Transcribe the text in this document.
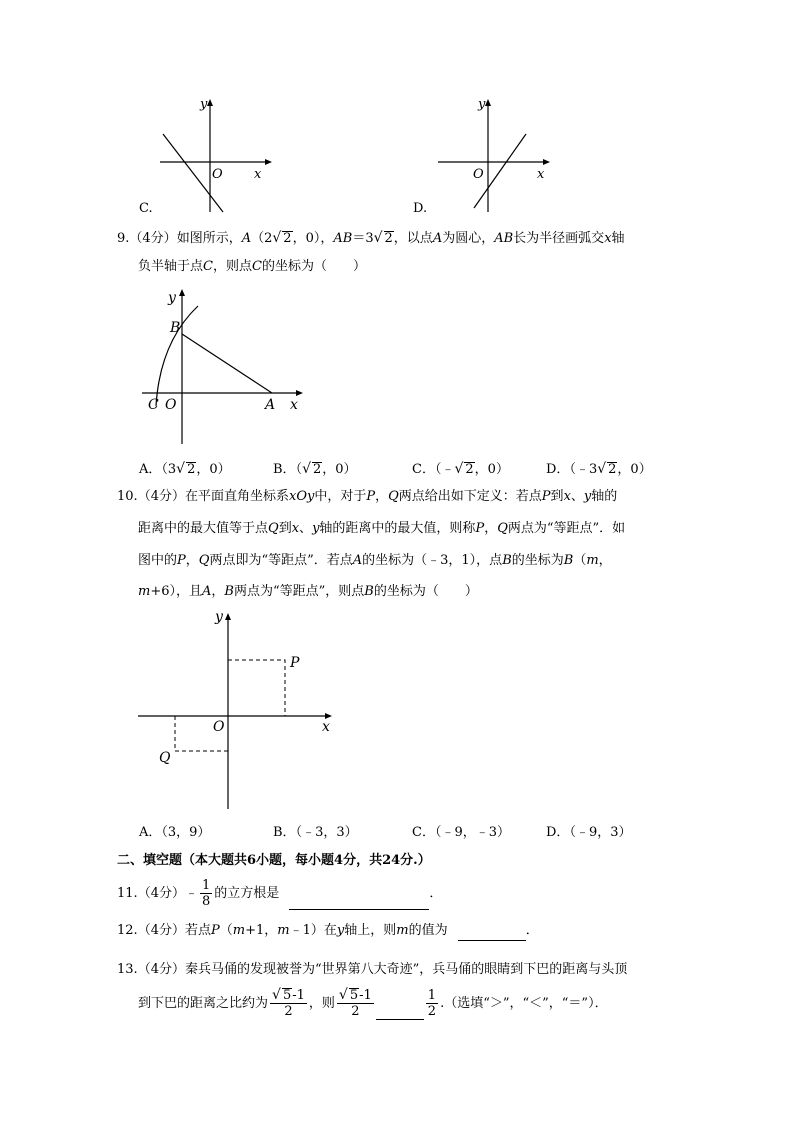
y
x
O
C.
y
x
O
D.
9.（4分）如图所示，A（2√ 2，0），AB＝3√ 2，以点A为圆心，AB长为半径画弧交x轴
负半轴于点C，则点C的坐标为（　　）
y
B
C O	A x
A．（3√ 2，0）	B．（√ 2，0）	C．（﹣√ 2，0）	D．（﹣3√ 2，0）
10.（4分）在平面直角坐标系xOy中，对于P，Q两点给出如下定义：若点P到x、y轴的
距离中的最大值等于点Q到x、y轴的距离中的最大值，则称P，Q两点为“等距点”．如
图中的P，Q两点即为“等距点”．若点A的坐标为（﹣3，1），点B的坐标为B（m，
m+6），且A，B两点为“等距点”，则点B的坐标为（　　）
y
P
O	x
Q
A．（3，9）	B．（﹣3，3）	C．（﹣9，﹣3）	D．（﹣9，3）
二、填空题（本大题共6小题，每小题4分，共24分.）
11.（4分）﹣ $\frac{1}{8}$ 的立方根是	．
12.（4分）若点P（m+1，m﹣1）在y轴上，则m的值为	．
13.（4分）秦兵马俑的发现被誉为“世界第八大奇迹”，兵马俑的眼睛到下巴的距离与头顶
到下巴的距离之比约为 $\frac{√ 5-1}{2}$ ，则 $\frac{√ 5-1}{2}$	$\frac{1}{2}$ .（选填“＞”，“＜”，“＝”）．
